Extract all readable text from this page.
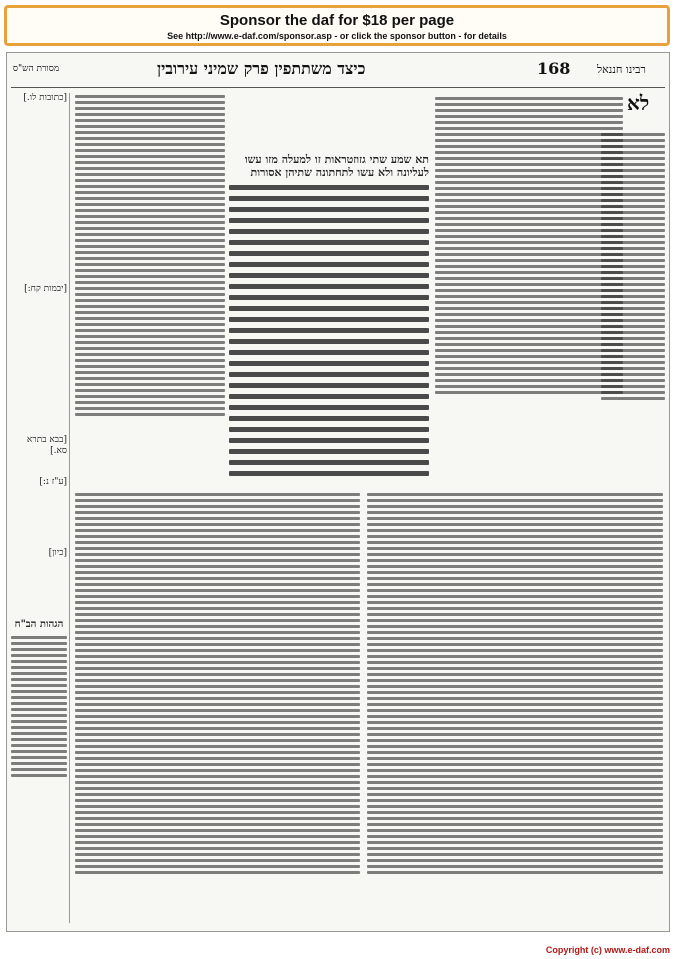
Sponsor the daf for $18 per page
See http://www.e-daf.com/sponsor.asp - or click the sponsor button - for details
כיצד משתתפין פרק שמיני עירובין	168 רבינו חננאל
מסורת הש"ס
[כתובות לו.]
[יבמות קח:]
[בבא בתרא סא.]
[ע"ז נ:]
[כיון]
הגהות הב"ח
תא שמע שתי גזוזטראות זו למעלה מזו עשו לעליונה ולא עשו לתחתונה שתיהן אסורות
לא
Copyright (c) www.e-daf.com
